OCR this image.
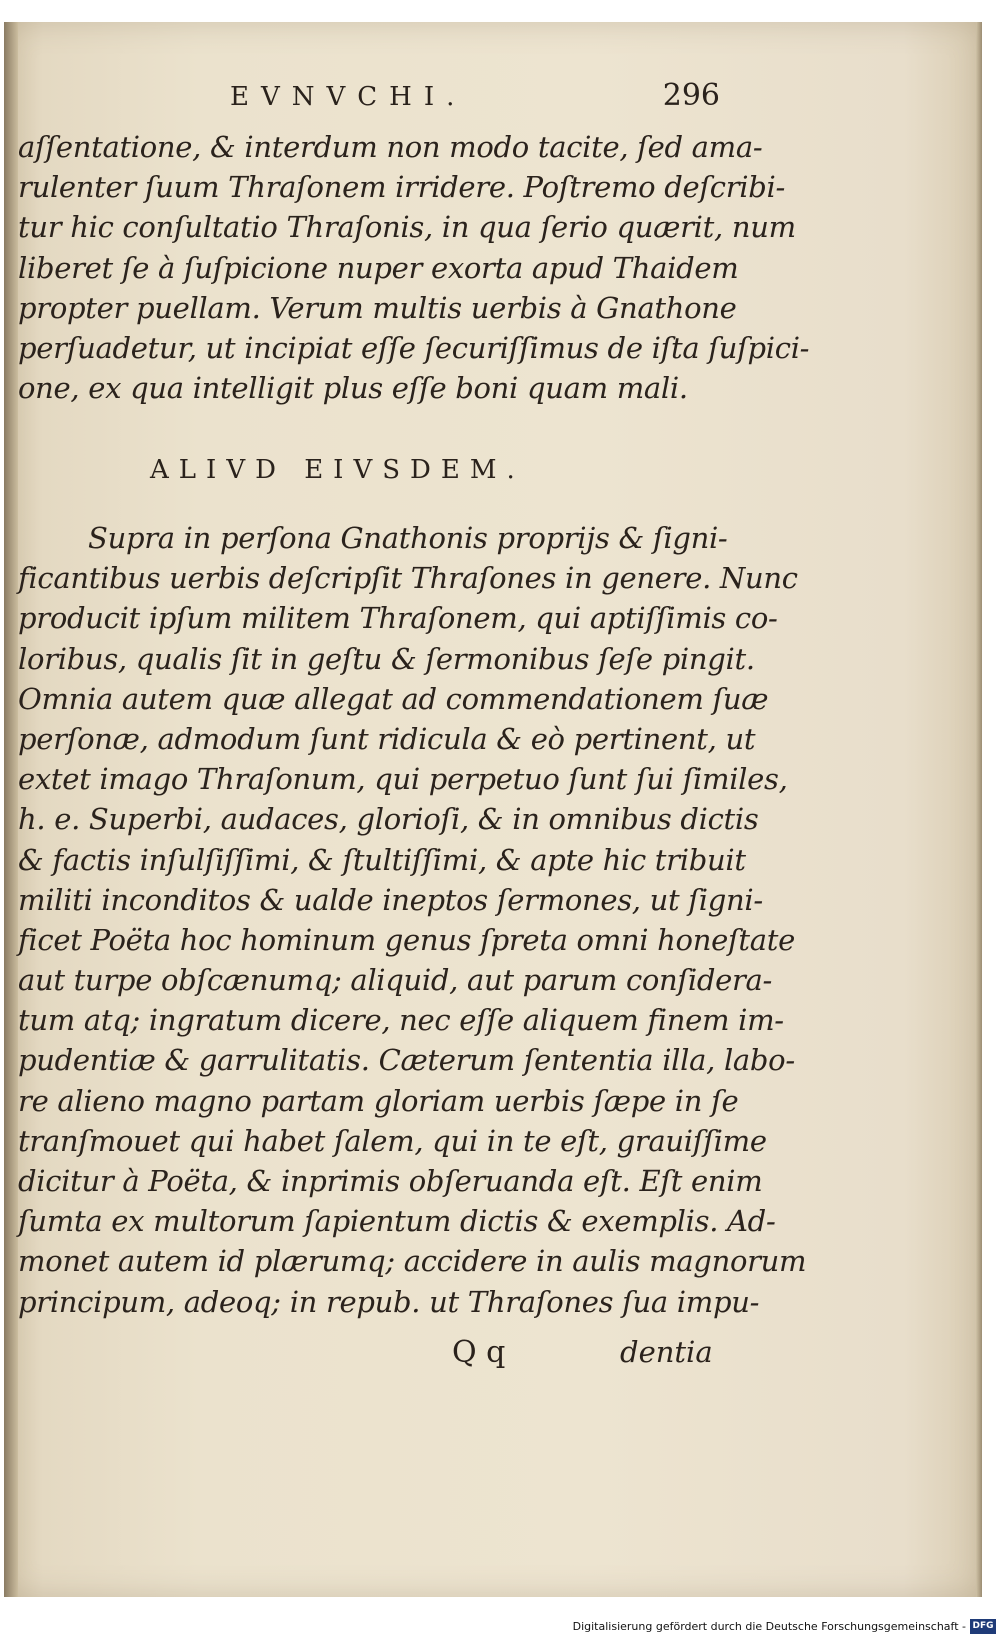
EVNVCHI.	296
aſſentatione, & interdum non modo tacite, ſed ama-
rulenter ſuum Thraſonem irridere. Poſtremo deſcribi-
tur hic conſultatio Thraſonis, in qua ſerio quærit, num
liberet ſe à ſuſpicione nuper exorta apud Thaidem
propter puellam. Verum multis uerbis à Gnathone
perſuadetur, ut incipiat eſſe ſecuriſſimus de iſta ſuſpici-
one, ex qua intelligit plus eſſe boni quam mali.
ALIVD EIVSDEM.
Supra in perſona Gnathonis proprijs & ſigni-
ficantibus uerbis deſcripſit Thraſones in genere. Nunc
producit ipſum militem Thraſonem, qui aptiſſimis co-
loribus, qualis ſit in geſtu & ſermonibus ſeſe pingit.
Omnia autem quæ allegat ad commendationem ſuæ
perſonæ, admodum ſunt ridicula & eò pertinent, ut
extet imago Thraſonum, qui perpetuo ſunt ſui ſimiles,
h. e. Superbi, audaces, glorioſi, & in omnibus dictis
& factis inſulſiſſimi, & ſtultiſſimi, & apte hic tribuit
militi inconditos & ualde ineptos ſermones, ut ſigni-
ficet Poëta hoc hominum genus ſpreta omni honeſtate
aut turpe obſcænumq; aliquid, aut parum conſidera-
tum atq; ingratum dicere, nec eſſe aliquem finem im-
pudentiæ & garrulitatis. Cæterum ſententia illa, labo-
re alieno magno partam gloriam uerbis ſæpe in ſe
tranſmouet qui habet ſalem, qui in te eſt, grauiſſime
dicitur à Poëta, & inprimis obſeruanda eſt. Eſt enim
ſumta ex multorum ſapientum dictis & exemplis. Ad-
monet autem id plærumq; accidere in aulis magnorum
principum, adeoq; in repub. ut Thraſones ſua impu-
Q q	dentia
Digitalisierung gefördert durch die Deutsche Forschungsgemeinschaft - DFG
